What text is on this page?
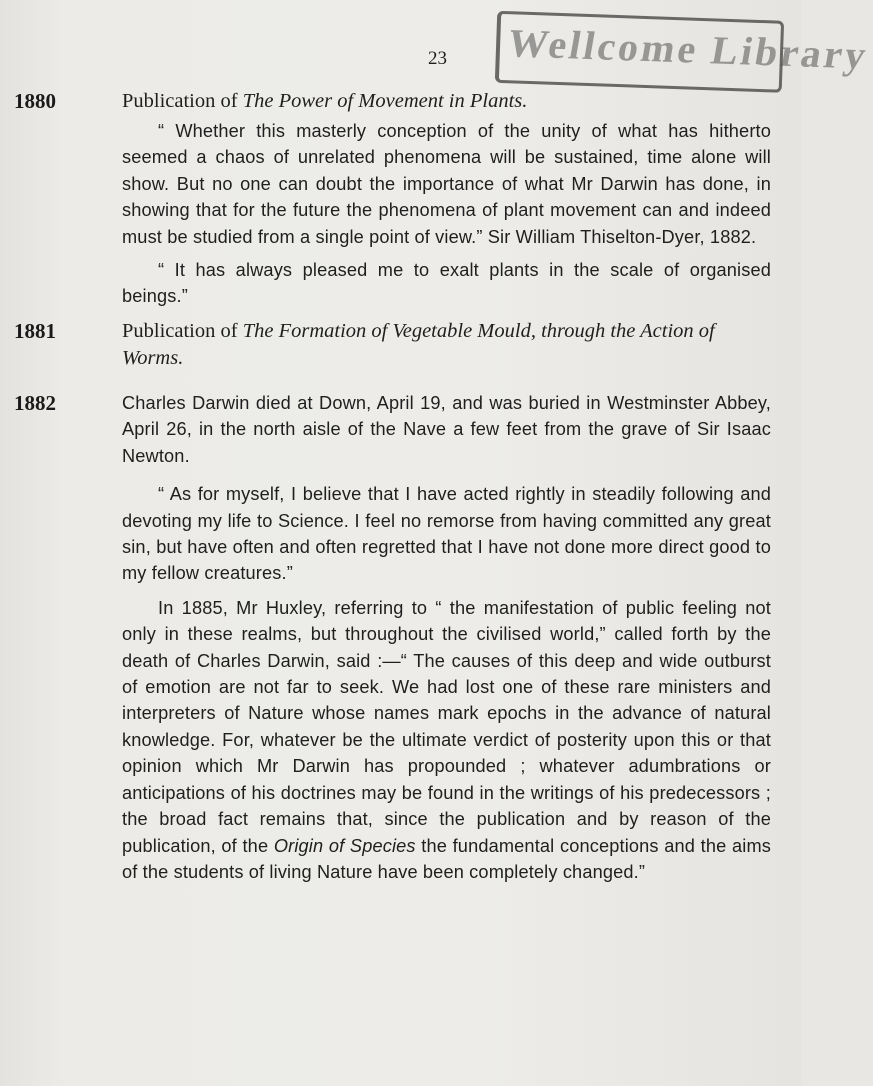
23 Wellcome Library
1880	Publication of The Power of Movement in Plants.

“ Whether this masterly conception of the unity of what has hitherto seemed a chaos of unrelated phenomena will be sustained, time alone will show. But no one can doubt the importance of what Mr Darwin has done, in showing that for the future the phenomena of plant movement can and indeed must be studied from a single point of view.” Sir William Thiselton-Dyer, 1882.

“ It has always pleased me to exalt plants in the scale of organised beings.”

1881	Publication of The Formation of Vegetable Mould, through the Action of Worms.

1882	Charles Darwin died at Down, April 19, and was buried in Westminster Abbey, April 26, in the north aisle of the Nave a few feet from the grave of Sir Isaac Newton.

“ As for myself, I believe that I have acted rightly in steadily following and devoting my life to Science. I feel no remorse from having committed any great sin, but have often and often regretted that I have not done more direct good to my fellow creatures.”

In 1885, Mr Huxley, referring to “ the manifestation of public feeling not only in these realms, but throughout the civilised world,” called forth by the death of Charles Darwin, said :—“ The causes of this deep and wide outburst of emotion are not far to seek. We had lost one of these rare ministers and interpreters of Nature whose names mark epochs in the advance of natural knowledge. For, whatever be the ultimate verdict of posterity upon this or that opinion which Mr Darwin has propounded ; whatever adumbrations or anticipations of his doctrines may be found in the writings of his predecessors ; the broad fact remains that, since the publication and by reason of the publication, of the Origin of Species the fundamental conceptions and the aims of the students of living Nature have been completely changed.”
